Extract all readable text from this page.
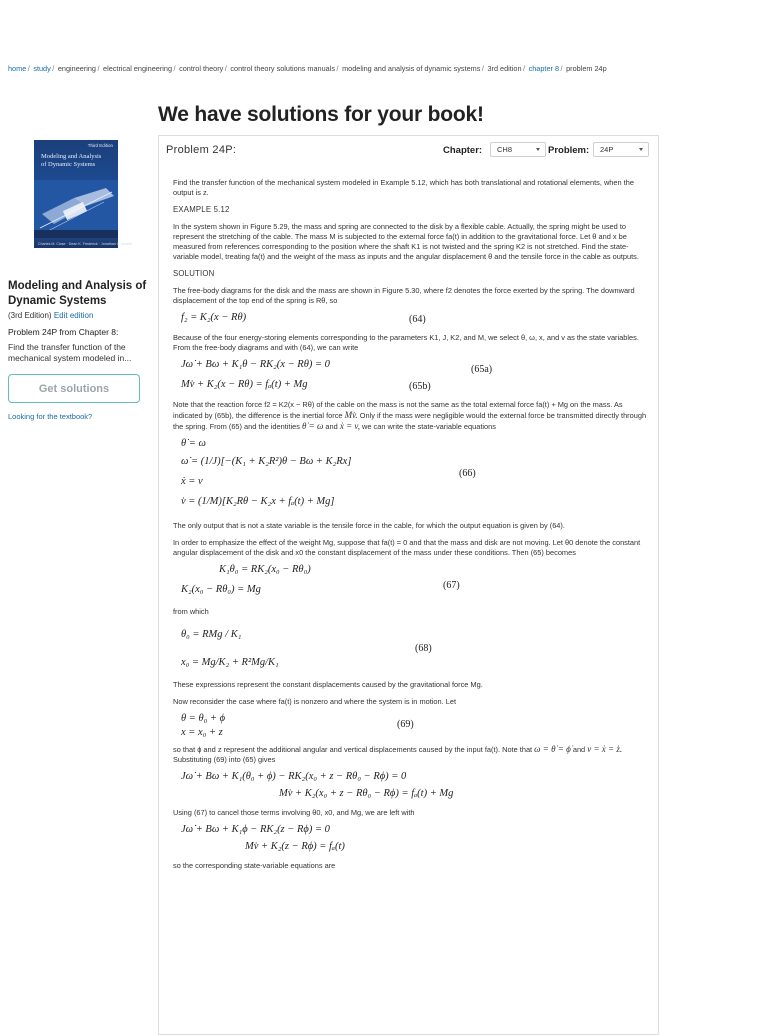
home / study / engineering / electrical engineering / control theory / control theory solutions manuals / modeling and analysis of dynamic systems / 3rd edition / chapter 8 / problem 24p
We have solutions for your book!
Third Edition
Modeling and Analysis
of Dynamic Systems
Charles M. Close · Dean K. Frederick · Jonathan C. Newell
Modeling and Analysis of Dynamic Systems
(3rd Edition) Edit edition
Problem 24P from Chapter 8:
Find the transfer function of the mechanical system modeled in...
Get solutions
Looking for the textbook?
Problem 24P:	Chapter:	CH8	Problem:	24P

Find the transfer function of the mechanical system modeled in Example 5.12, which has both translational and rotational elements, when the output is z.

EXAMPLE 5.12

In the system shown in Figure 5.29, the mass and spring are connected to the disk by a flexible cable. Actually, the spring might be used to represent the stretching of the cable. The mass M is subjected to the external force fa(t) in addition to the gravitational force. Let θ and x be measured from references corresponding to the position where the shaft K1 is not twisted and the spring K2 is not stretched. Find the state-variable model, treating fa(t) and the weight of the mass as inputs and the angular displacement θ and the tensile force in the cable as outputs.

SOLUTION

The free-body diagrams for the disk and the mass are shown in Figure 5.30, where f2 denotes the force exerted by the spring. The downward displacement of the top end of the spring is Rθ, so

f₂ = K₂(x − Rθ)	(64)

Because of the four energy-storing elements corresponding to the parameters K1, J, K2, and M, we select θ, ω, x, and v as the state variables. From the free-body diagrams and with (64), we can write

Jω̇ + Bω + K₁θ − RK₂(x − Rθ) = 0	(65a)
Mv̇ + K₂(x − Rθ) = fₐ(t) + Mg	(65b)

Note that the reaction force f2 = K2(x − Rθ) of the cable on the mass is not the same as the total external force fa(t) + Mg on the mass. As indicated by (65b), the difference is the inertial force Mv̇. Only if the mass were negligible would the external force be transmitted directly through the spring. From (65) and the identities θ̇ = ω and ẋ = v, we can write the state-variable equations

θ̇ = ω
ω̇ = (1/J)[−(K₁ + K₂R²)θ − Bω + K₂Rx]
ẋ = v
v̇ = (1/M)[K₂Rθ − K₂x + fₐ(t) + Mg]
(66)

The only output that is not a state variable is the tensile force in the cable, for which the output equation is given by (64).

In order to emphasize the effect of the weight Mg, suppose that fa(t) = 0 and that the mass and disk are not moving. Let θ0 denote the constant angular displacement of the disk and x0 the constant displacement of the mass under these conditions. Then (65) becomes

K₁θ₀ = RK₂(x₀ − Rθ₀)
K₂(x₀ − Rθ₀) = Mg	(67)

from which

θ₀ = RMg / K₁
x₀ = Mg/K₂ + R²Mg/K₁
(68)

These expressions represent the constant displacements caused by the gravitational force Mg.

Now reconsider the case where fa(t) is nonzero and where the system is in motion. Let

θ = θ₀ + ϕ
x = x₀ + z
(69)

so that ϕ and z represent the additional angular and vertical displacements caused by the input fa(t). Note that ω = θ̇ = ϕ̇ and v = ẋ = ż. Substituting (69) into (65) gives

Jω̇ + Bω + K₁(θ₀ + ϕ) − RK₂(x₀ + z − Rθ₀ − Rϕ) = 0
Mv̇ + K₂(x₀ + z − Rθ₀ − Rϕ) = fₐ(t) + Mg

Using (67) to cancel those terms involving θ0, x0, and Mg, we are left with

Jω̇ + Bω + K₁ϕ − RK₂(z − Rϕ) = 0
Mv̇ + K₂(z − Rϕ) = fₐ(t)

so the corresponding state-variable equations are
